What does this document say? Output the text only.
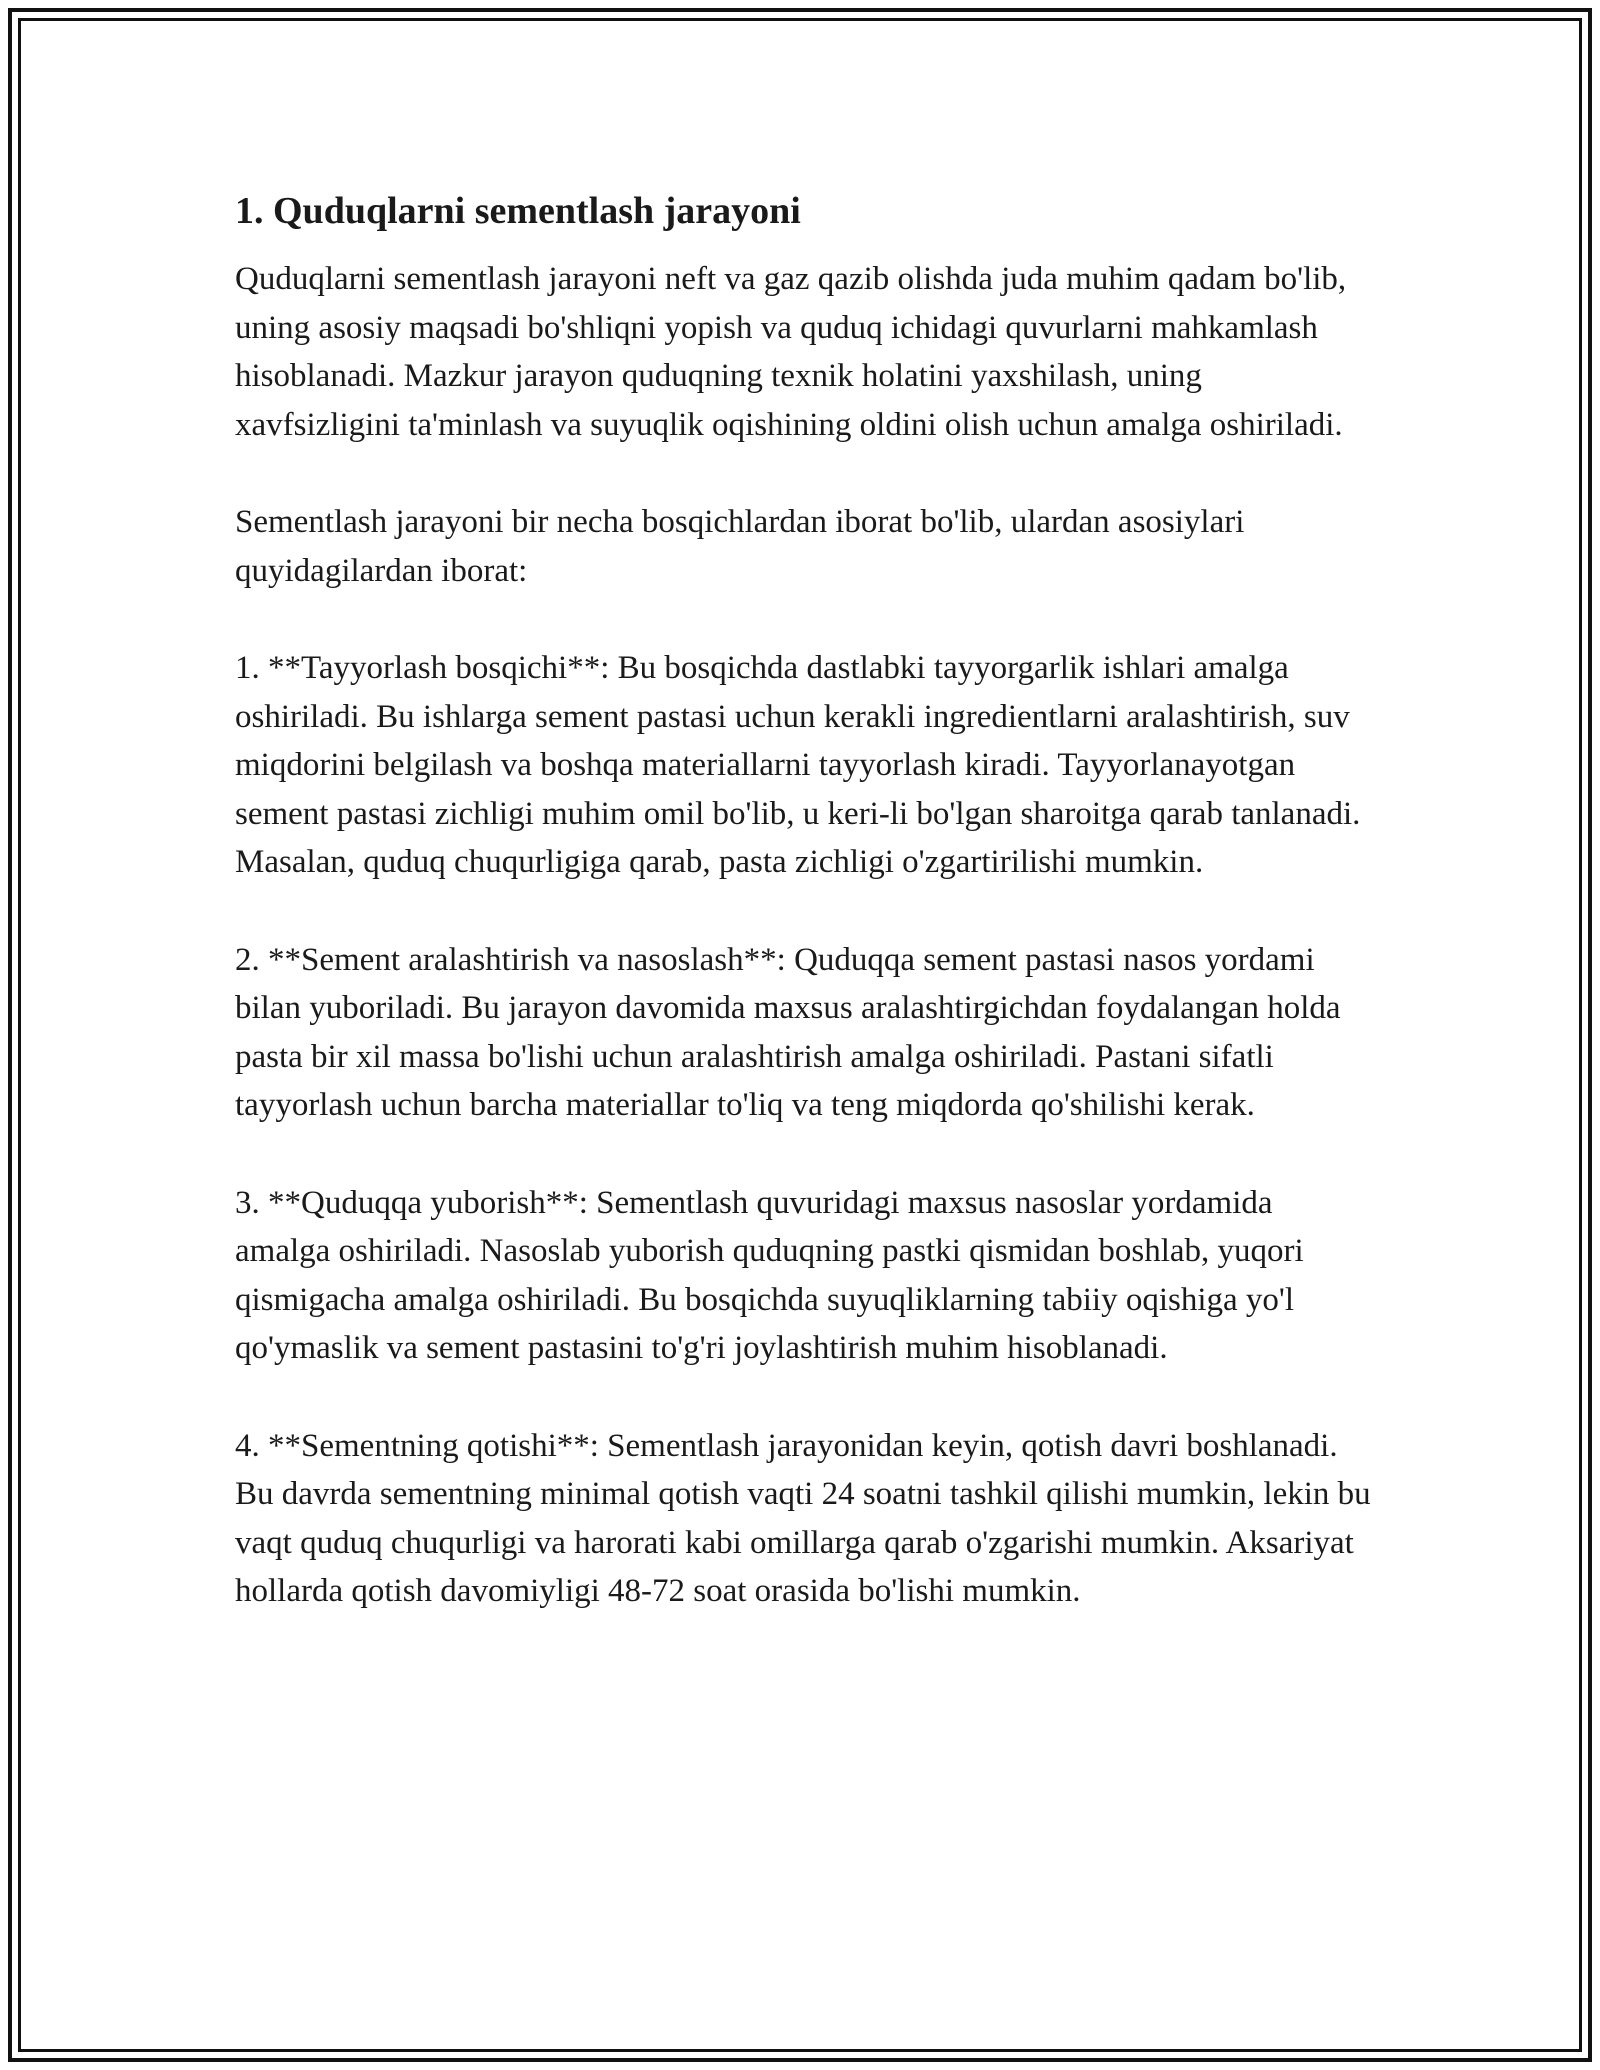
1. Quduqlarni sementlash jarayoni

Quduqlarni sementlash jarayoni neft va gaz qazib olishda juda muhim qadam bo'lib, uning asosiy maqsadi bo'shliqni yopish va quduq ichidagi quvurlarni mahkamlash hisoblanadi. Mazkur jarayon quduqning texnik holatini yaxshilash, uning xavfsizligini ta'minlash va suyuqlik oqishining oldini olish uchun amalga oshiriladi.

Sementlash jarayoni bir necha bosqichlardan iborat bo'lib, ulardan asosiylari quyidagilardan iborat:

1. **Tayyorlash bosqichi**: Bu bosqichda dastlabki tayyorgarlik ishlari amalga oshiriladi. Bu ishlarga sement pastasi uchun kerakli ingredientlarni aralashtirish, suv miqdorini belgilash va boshqa materiallarni tayyorlash kiradi. Tayyorlanayotgan sement pastasi zichligi muhim omil bo'lib, u keri-li bo'lgan sharoitga qarab tanlanadi. Masalan, quduq chuqurligiga qarab, pasta zichligi o'zgartirilishi mumkin.

2. **Sement aralashtirish va nasoslash**: Quduqqa sement pastasi nasos yordami bilan yuboriladi. Bu jarayon davomida maxsus aralashtirgichdan foydalangan holda pasta bir xil massa bo'lishi uchun aralashtirish amalga oshiriladi. Pastani sifatli tayyorlash uchun barcha materiallar to'liq va teng miqdorda qo'shilishi kerak.

3. **Quduqqa yuborish**: Sementlash quvuridagi maxsus nasoslar yordamida amalga oshiriladi. Nasoslab yuborish quduqning pastki qismidan boshlab, yuqori qismigacha amalga oshiriladi. Bu bosqichda suyuqliklarning tabiiy oqishiga yo'l qo'ymaslik va sement pastasini to'g'ri joylashtirish muhim hisoblanadi.

4. **Sementning qotishi**: Sementlash jarayonidan keyin, qotish davri boshlanadi. Bu davrda sementning minimal qotish vaqti 24 soatni tashkil qilishi mumkin, lekin bu vaqt quduq chuqurligi va harorati kabi omillarga qarab o'zgarishi mumkin. Aksariyat hollarda qotish davomiyligi 48-72 soat orasida bo'lishi mumkin.
